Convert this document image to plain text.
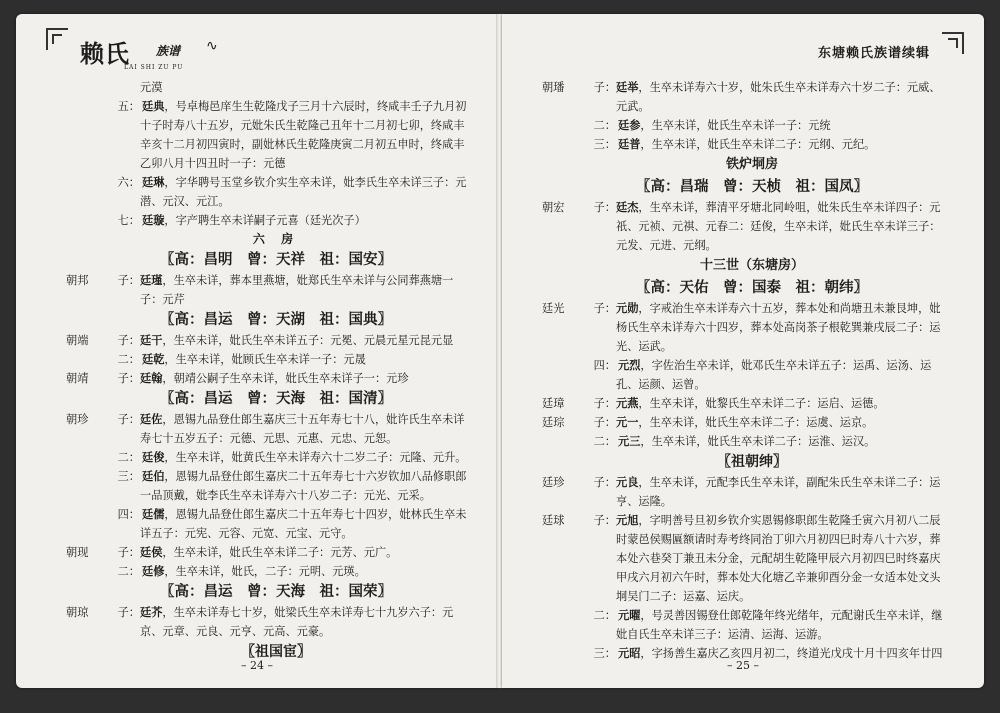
赖氏 族谱
LAI SHI ZU PU
∿
元漠
五： 廷典 ，号卓梅邑庠生生乾隆戊子三月十六辰时，终咸丰壬子九月初
十子时寿八十五岁，元妣朱氏生乾隆己丑年十二月初七卯，终咸丰
辛亥十二月初四寅时，副妣林氏生乾隆庚寅二月初五申时，终咸丰
乙卯八月十四丑时一子：元德
六： 廷琳 ，字华聘号玉堂乡钦介实生卒未详，妣李氏生卒未详三子：元
潜、元汉、元江。
七： 廷璇 ，字产聘生卒未详嗣子元喜（廷光次子）
六 房
〖高：昌明　曾：天祥　祖：国安〗
朝邦	子： 廷瑾 ，生卒未详，葬本里燕塘，妣郑氏生卒未详与公同葬燕塘一
子：元芹
〖高：昌运　曾：天湖　祖：国典〗
朝端	子： 廷干 ，生卒未详，妣氏生卒未详五子：元冕、元晨元星元昆元显
二： 廷乾 ，生卒未详，妣顾氏生卒未详一子：元晟
朝靖	子： 廷翰 ，朝靖公嗣子生卒未详，妣氏生卒未详子一：元珍
〖高：昌运　曾：天海　祖：国清〗
朝珍	子： 廷佐 ，恩锡九品登仕郎生嘉庆三十五年寿七十八，妣许氏生卒未详
寿七十五岁五子：元德、元思、元惠、元忠、元恕。
二： 廷俊 ，生卒未详，妣黄氏生卒未详寿六十二岁二子：元隆、元升。
三： 廷伯 ，恩锡九品登仕郎生嘉庆二十五年寿七十六岁钦加八品修职郎
一品顶戴，妣李氏生卒未详寿六十八岁二子：元光、元采。
四： 廷儒 ，恩锡九品登仕郎生嘉庆二十五年寿七十四岁，妣林氏生卒未
详五子：元宪、元容、元宽、元宝、元守。
朝现	子： 廷侯 ，生卒未详，妣氏生卒未详二子：元芳、元广。
二： 廷修 ，生卒未详，妣氏，二子：元明、元瑛。
〖高：昌运　曾：天海　祖：国荣〗
朝琼	子： 廷芥 ，生卒未详寿七十岁，妣梁氏生卒未详寿七十九岁六子：元
京、元章、元良、元亨、元高、元豪。
〖祖国宦〗
– 24 –
东塘赖氏族谱续辑
朝璠	子： 廷举 ，生卒未详寿六十岁，妣朱氏生卒未详寿六十岁二子：元威、
元武。
二： 廷参 ，生卒未详，妣氏生卒未详一子：元统
三： 廷普 ，生卒未详，妣氏生卒未详二子：元纲、元纪。
铁炉垌房
〖高：昌瑞　曾：天桢　祖：国凤〗
朝宏	子： 廷杰 ，生卒未详，葬清平牙塘北同岭咀，妣朱氏生卒未详四子：元
祇、元祯、元祺、元春二：廷俊，生卒未详，妣氏生卒未详三子：
元发、元进、元纲。
十三世（东塘房）
〖高：天佑　曾：国泰　祖：朝纬〗
廷光	子： 元勋 ，字戒治生卒未详寿六十五岁，葬本处和尚塘丑未兼艮坤，妣
杨氏生卒未详寿六十四岁，葬本处高岗茶子根乾巽兼戌辰二子：运
光、运武。
四： 元烈 ，字佐治生卒未详，妣邓氏生卒未详五子：运禹、运汤、运
孔、运颜、运曾。
廷璋	子： 元燕 ，生卒未详，妣黎氏生卒未详二子：运启、运德。
廷琮	子： 元一 ，生卒未详，妣氏生卒未详二子：运虞、运京。
二： 元三 ，生卒未详，妣氏生卒未详二子：运淮、运汉。
〖祖朝绅〗
廷珍	子： 元良 ，生卒未详，元配李氏生卒未详，副配朱氏生卒未详二子：运
亨、运隆。
廷球	子： 元旭 ，字明善号旦初乡钦介实恩锡修职郎生乾隆壬寅六月初八二辰
时蒙邑侯赐匾额请时寿考终同治丁卯六月初四巳时寿八十六岁，葬
本处六巷癸丁兼丑未分金，元配胡生乾隆甲辰六月初四巳时终嘉庆
甲戌六月初六午时，葬本处大化塘乙辛兼卯酉分金一女适本处文头
垌吴门二子：运嘉、运庆。
二： 元曜 ，号灵善因锡登仕郎乾隆年终光绪年，元配谢氏生卒未详，继
妣自氏生卒未详三子：运清、运海、运游。
三： 元昭 ，字扬善生嘉庆乙亥四月初二，终道光戊戌十月十四亥年廿四
– 25 –
